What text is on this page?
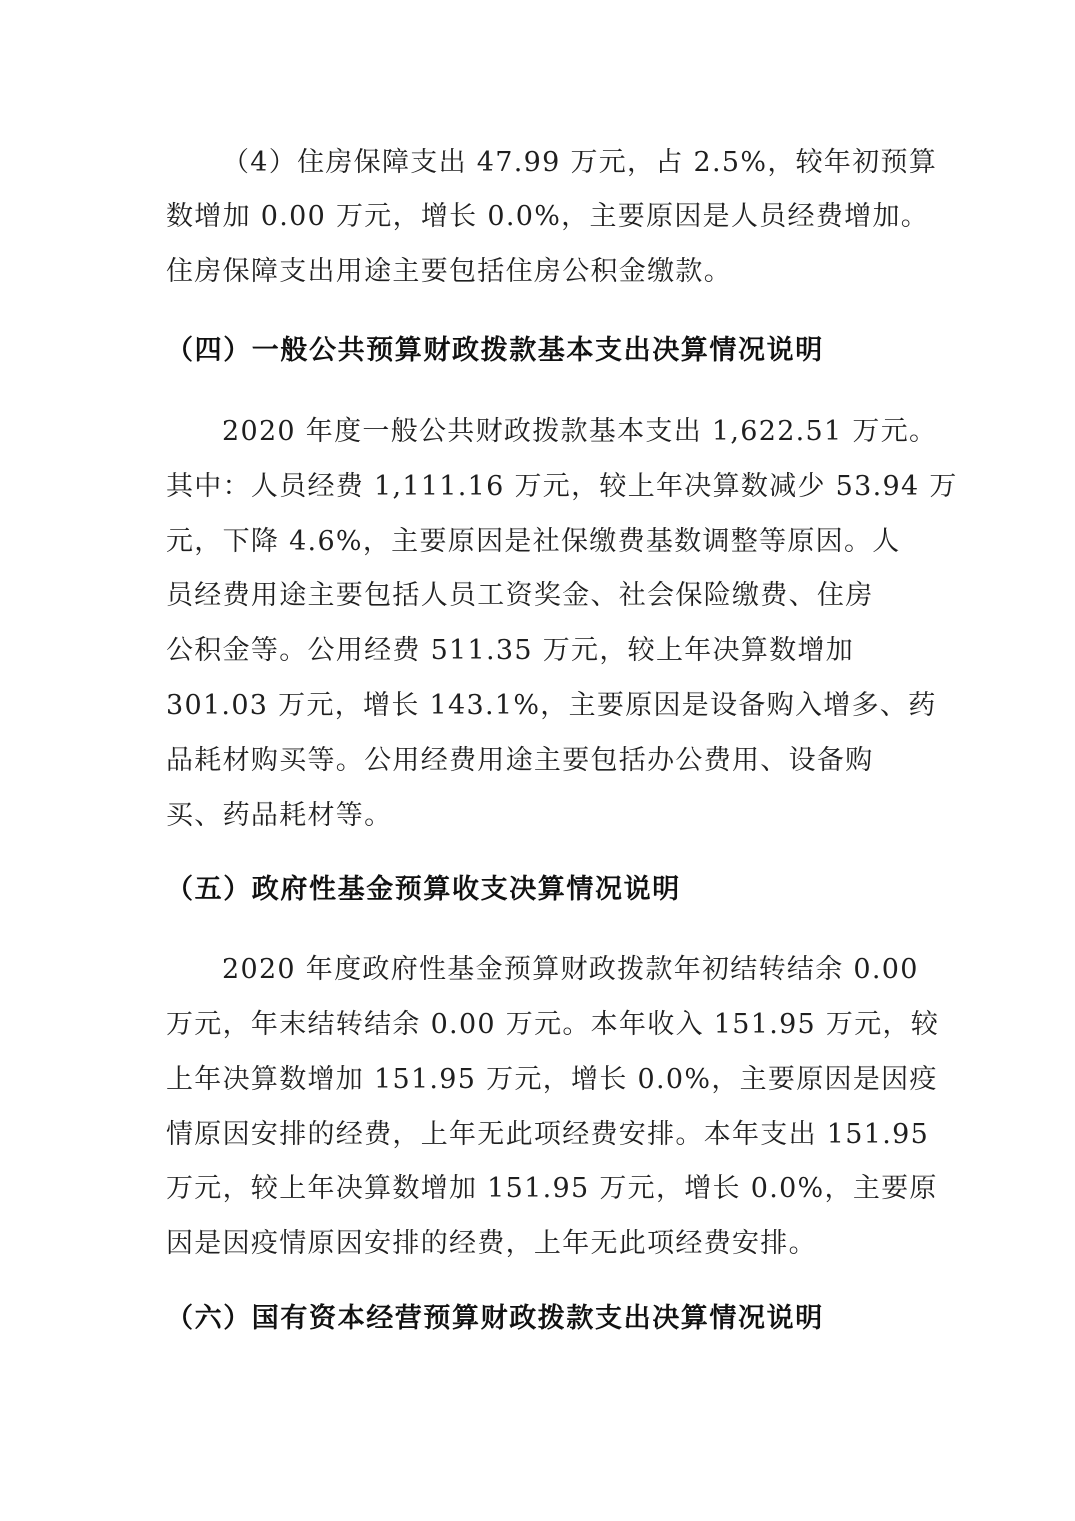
（4）住房保障支出 47.99 万元，占 2.5%，较年初预算
数增加 0.00 万元，增长 0.0%，主要原因是人员经费增加。
住房保障支出用途主要包括住房公积金缴款。
（四）一般公共预算财政拨款基本支出决算情况说明
2020 年度一般公共财政拨款基本支出 1,622.51 万元。
其中：人员经费 1,111.16 万元，较上年决算数减少 53.94 万
元，下降 4.6%，主要原因是社保缴费基数调整等原因。人
员经费用途主要包括人员工资奖金、社会保险缴费、住房
公积金等。公用经费 511.35 万元，较上年决算数增加
301.03 万元，增长 143.1%，主要原因是设备购入增多、药
品耗材购买等。公用经费用途主要包括办公费用、设备购
买、药品耗材等。
（五）政府性基金预算收支决算情况说明
2020 年度政府性基金预算财政拨款年初结转结余 0.00
万元，年末结转结余 0.00 万元。本年收入 151.95 万元，较
上年决算数增加 151.95 万元，增长 0.0%，主要原因是因疫
情原因安排的经费，上年无此项经费安排。本年支出 151.95
万元，较上年决算数增加 151.95 万元，增长 0.0%，主要原
因是因疫情原因安排的经费，上年无此项经费安排。
（六）国有资本经营预算财政拨款支出决算情况说明
